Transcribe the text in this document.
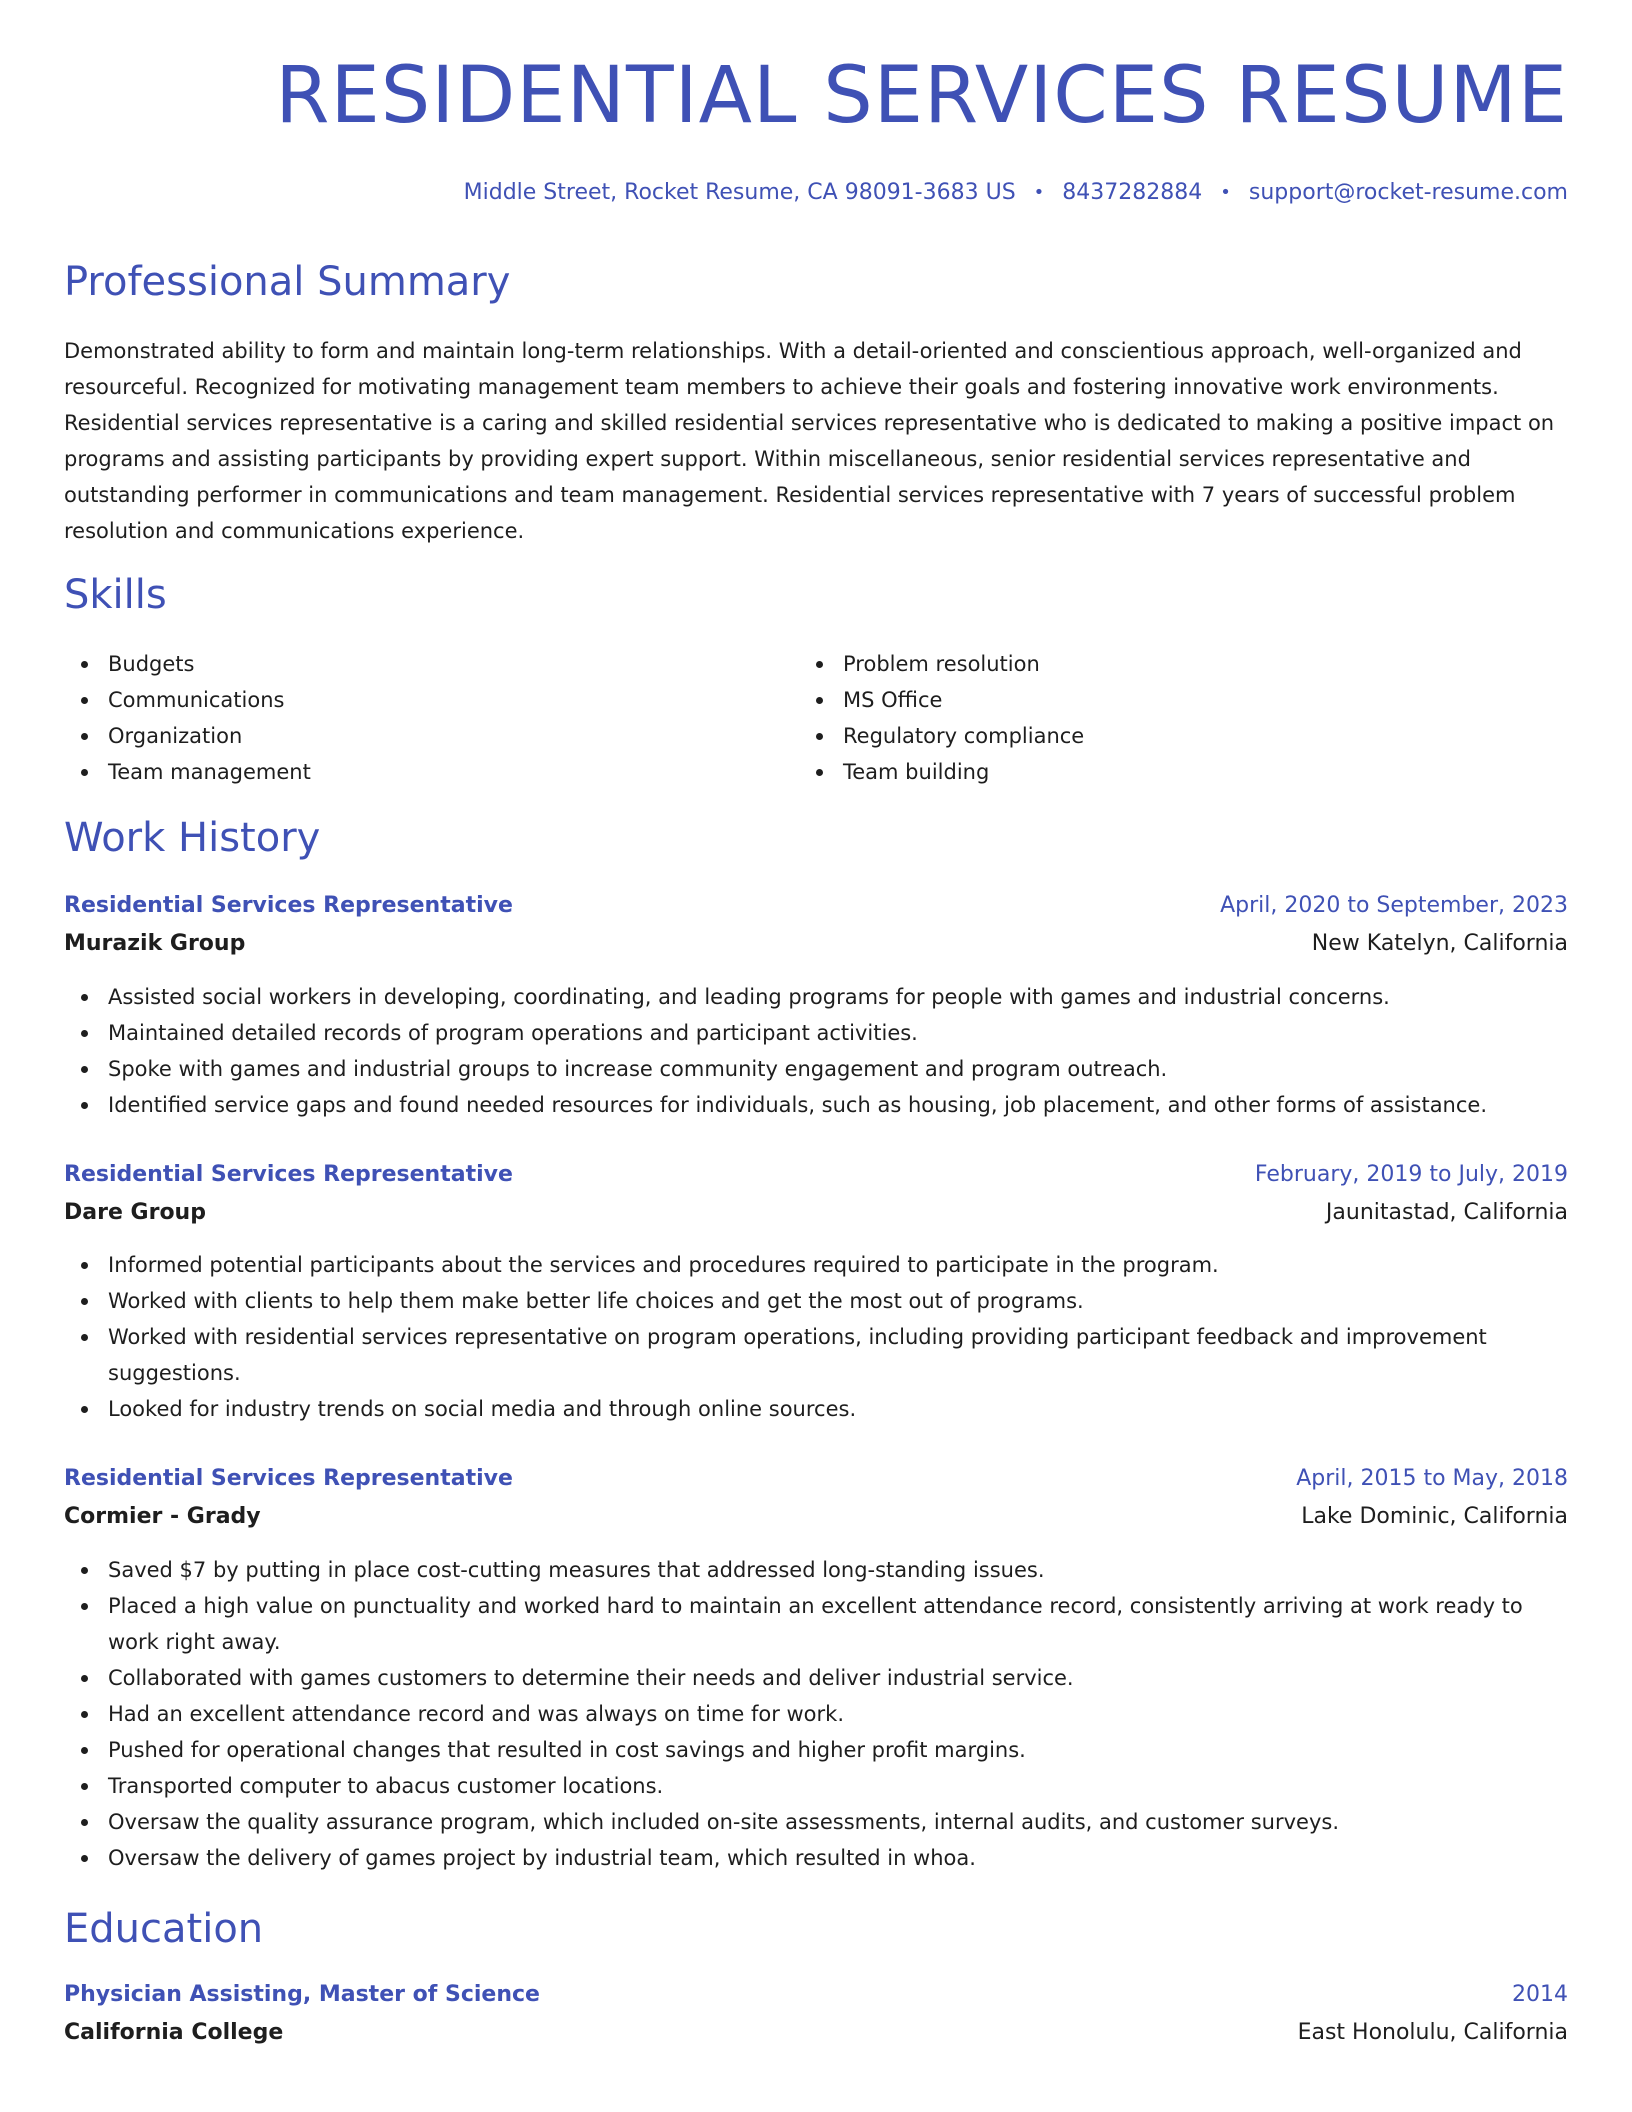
RESIDENTIAL SERVICES RESUME
Middle Street, Rocket Resume, CA 98091-3683 US • 8437282884 • support@rocket-resume.com
Professional Summary

Demonstrated ability to form and maintain long-term relationships. With a detail-oriented and conscientious approach, well-organized and resourceful. Recognized for motivating management team members to achieve their goals and fostering innovative work environments. Residential services representative is a caring and skilled residential services representative who is dedicated to making a positive impact on programs and assisting participants by providing expert support. Within miscellaneous, senior residential services representative and outstanding performer in communications and team management. Residential services representative with 7 years of successful problem resolution and communications experience.

Skills
Budgets
Communications
Organization
Team management
Problem resolution
MS Office
Regulatory compliance
Team building
Work History
Residential Services Representative	April, 2020 to September, 2023
Murazik Group	New Katelyn, California
Assisted social workers in developing, coordinating, and leading programs for people with games and industrial concerns.
Maintained detailed records of program operations and participant activities.
Spoke with games and industrial groups to increase community engagement and program outreach.
Identified service gaps and found needed resources for individuals, such as housing, job placement, and other forms of assistance.
Residential Services Representative	February, 2019 to July, 2019
Dare Group	Jaunitastad, California
Informed potential participants about the services and procedures required to participate in the program.
Worked with clients to help them make better life choices and get the most out of programs.
Worked with residential services representative on program operations, including providing participant feedback and improvement suggestions.
Looked for industry trends on social media and through online sources.
Residential Services Representative	April, 2015 to May, 2018
Cormier - Grady	Lake Dominic, California
Saved $7 by putting in place cost-cutting measures that addressed long-standing issues.
Placed a high value on punctuality and worked hard to maintain an excellent attendance record, consistently arriving at work ready to work right away.
Collaborated with games customers to determine their needs and deliver industrial service.
Had an excellent attendance record and was always on time for work.
Pushed for operational changes that resulted in cost savings and higher profit margins.
Transported computer to abacus customer locations.
Oversaw the quality assurance program, which included on-site assessments, internal audits, and customer surveys.
Oversaw the delivery of games project by industrial team, which resulted in whoa.
Education
Physician Assisting, Master of Science	2014
California College	East Honolulu, California
